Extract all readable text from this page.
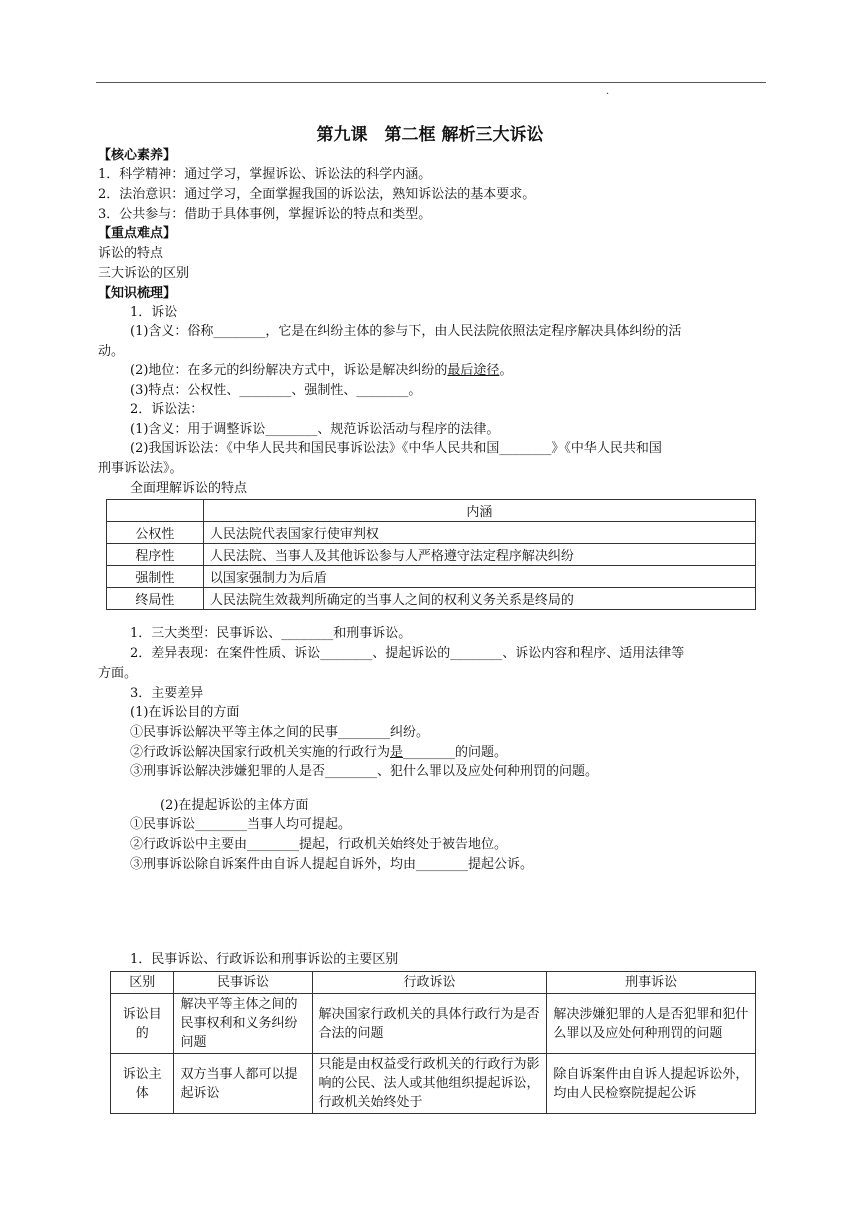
.
第九课　第二框 解析三大诉讼
【核心素养】
1．科学精神：通过学习，掌握诉讼、诉讼法的科学内涵。
2．法治意识：通过学习，全面掌握我国的诉讼法，熟知诉讼法的基本要求。
3．公共参与：借助于具体事例，掌握诉讼的特点和类型。
【重点难点】
诉讼的特点
三大诉讼的区别
【知识梳理】
1．诉讼
(1)含义：俗称________，它是在纠纷主体的参与下，由人民法院依照法定程序解决具体纠纷的活
动。
(2)地位：在多元的纠纷解决方式中，诉讼是解决纠纷的最后途径。
(3)特点：公权性、________、强制性、________。
2．诉讼法：
(1)含义：用于调整诉讼________、规范诉讼活动与程序的法律。
(2)我国诉讼法：《中华人民共和国民事诉讼法》《中华人民共和国________》《中华人民共和国
刑事诉讼法》。
全面理解诉讼的特点
	内涵
公权性	人民法院代表国家行使审判权
程序性	人民法院、当事人及其他诉讼参与人严格遵守法定程序解决纠纷
强制性	以国家强制力为后盾
终局性	人民法院生效裁判所确定的当事人之间的权利义务关系是终局的
1．三大类型：民事诉讼、________和刑事诉讼。
2．差异表现：在案件性质、诉讼________、提起诉讼的________、诉讼内容和程序、适用法律等
方面。
3．主要差异
(1)在诉讼目的方面
①民事诉讼解决平等主体之间的民事________纠纷。
②行政诉讼解决国家行政机关实施的行政行为是________的问题。
③刑事诉讼解决涉嫌犯罪的人是否________、犯什么罪以及应处何种刑罚的问题。
(2)在提起诉讼的主体方面
①民事诉讼________当事人均可提起。
②行政诉讼中主要由________提起，行政机关始终处于被告地位。
③刑事诉讼除自诉案件由自诉人提起自诉外，均由________提起公诉。
1．民事诉讼、行政诉讼和刑事诉讼的主要区别
区别	民事诉讼	行政诉讼	刑事诉讼
诉讼目的	解决平等主体之间的民事权利和义务纠纷问题	解决国家行政机关的具体行政行为是否合法的问题	解决涉嫌犯罪的人是否犯罪和犯什么罪以及应处何种刑罚的问题
诉讼主体	双方当事人都可以提起诉讼	只能是由权益受行政机关的行政行为影响的公民、法人或其他组织提起诉讼，行政机关始终处于	除自诉案件由自诉人提起诉讼外，均由人民检察院提起公诉
